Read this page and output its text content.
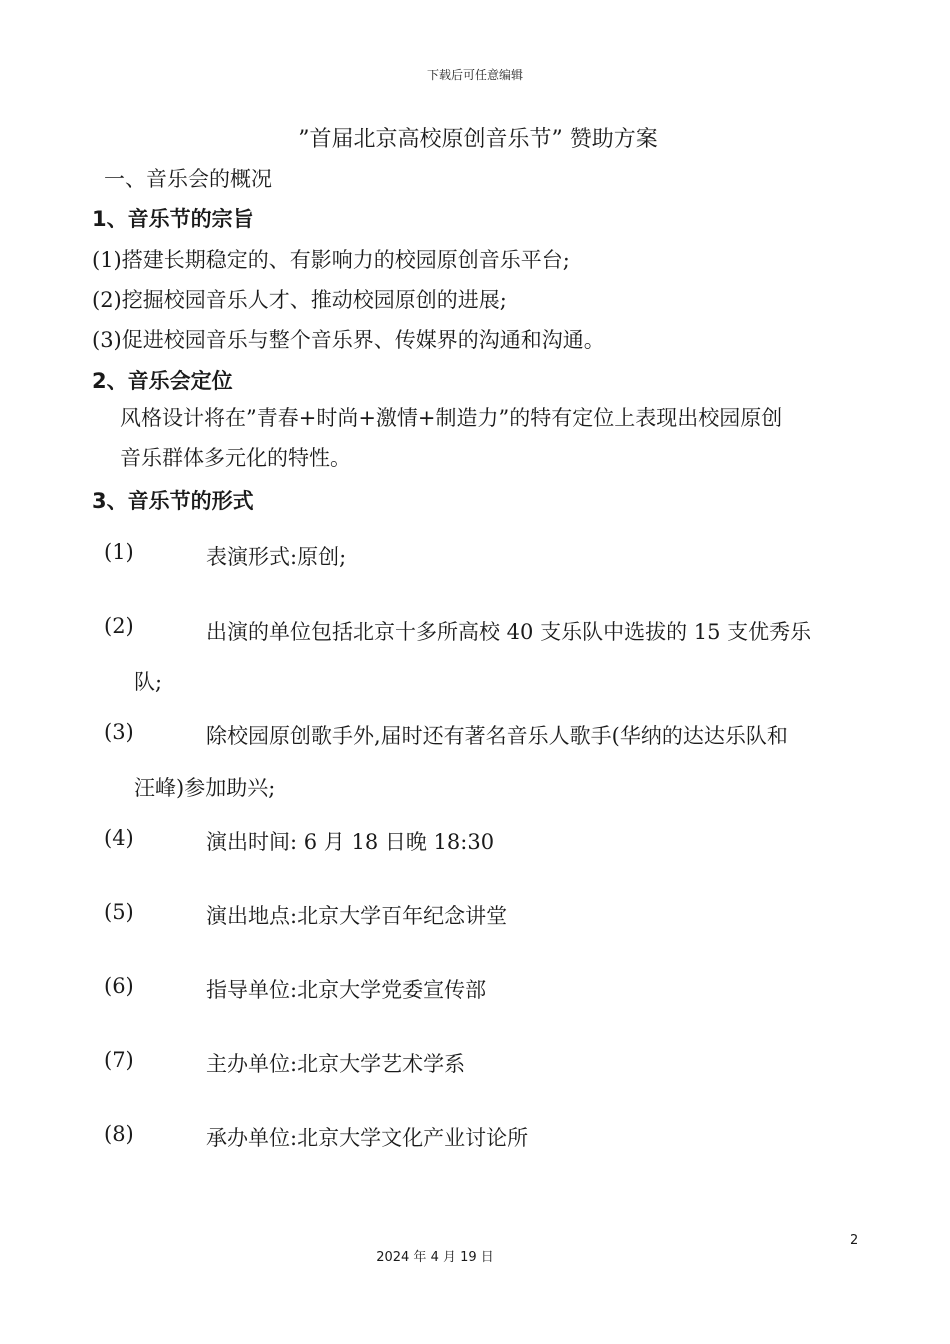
下载后可任意编辑
”首届北京高校原创音乐节” 赞助方案
一、音乐会的概况
1、音乐节的宗旨
(1)搭建长期稳定的、有影响力的校园原创音乐平台;
(2)挖掘校园音乐人才、推动校园原创的进展;
(3)促进校园音乐与整个音乐界、传媒界的沟通和沟通。
2、音乐会定位
风格设计将在”青春+时尚+激情+制造力”的特有定位上表现出校园原创
音乐群体多元化的特性。
3、音乐节的形式
(1)	表演形式:原创;
(2)	出演的单位包括北京十多所高校 40 支乐队中选拔的 15 支优秀乐
队;
(3)	除校园原创歌手外,届时还有著名音乐人歌手(华纳的达达乐队和
汪峰)参加助兴;
(4)	演出时间: 6 月 18 日晚 18:30
(5)	演出地点:北京大学百年纪念讲堂
(6)	指导单位:北京大学党委宣传部
(7)	主办单位:北京大学艺术学系
(8)	承办单位:北京大学文化产业讨论所
2
2024 年 4 月 19 日
